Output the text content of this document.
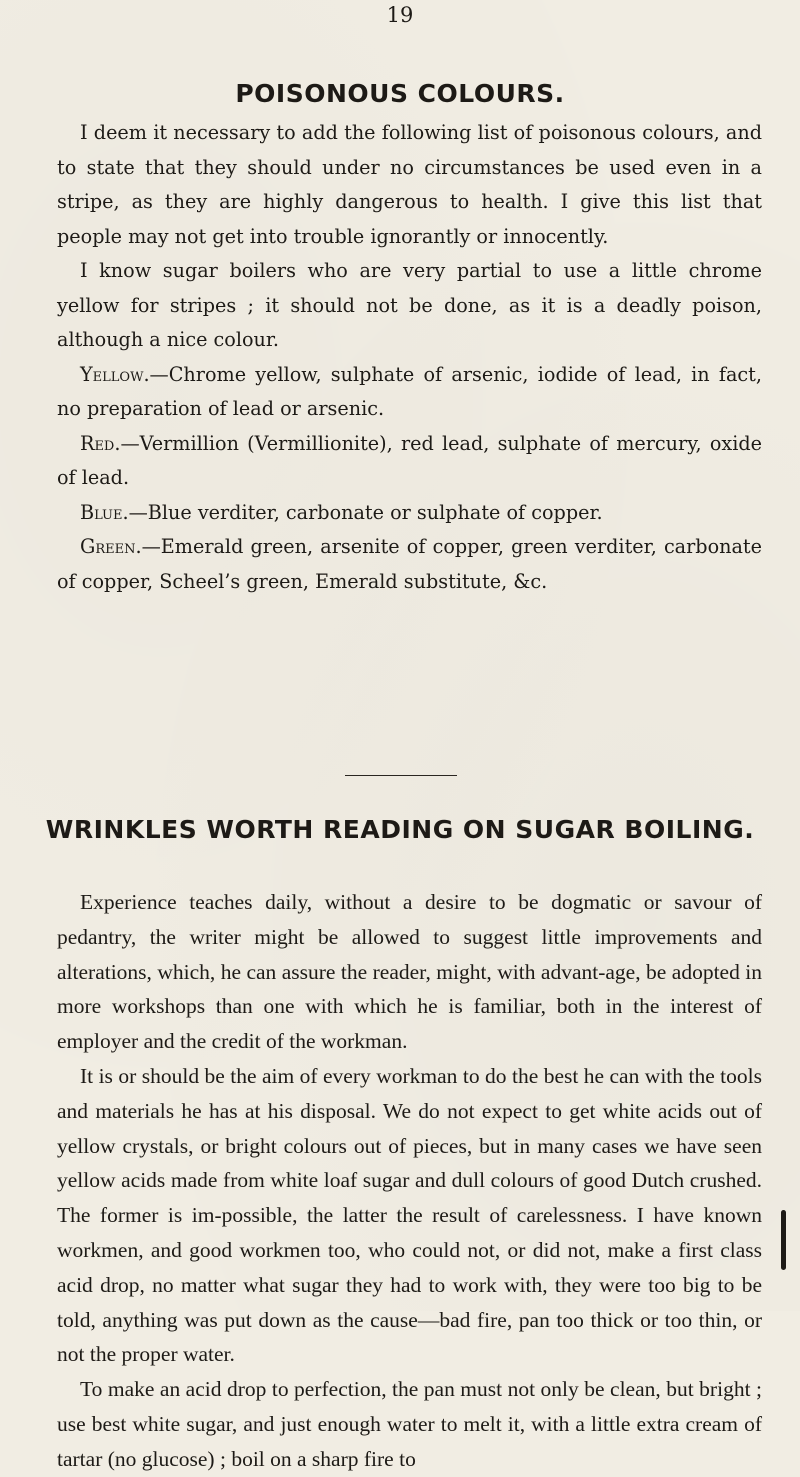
19
POISONOUS COLOURS.

I deem it necessary to add the following list of poisonous colours, and to state that they should under no circumstances be used even in a stripe, as they are highly dangerous to health. I give this list that people may not get into trouble ignorantly or innocently.

I know sugar boilers who are very partial to use a little chrome yellow for stripes ; it should not be done, as it is a deadly poison, although a nice colour.

Yellow.—Chrome yellow, sulphate of arsenic, iodide of lead, in fact, no preparation of lead or arsenic.

Red.—Vermillion (Vermillionite), red lead, sulphate of mercury, oxide of lead.

Blue.—Blue verditer, carbonate or sulphate of copper.

Green.—Emerald green, arsenite of copper, green verditer, carbonate of copper, Scheel’s green, Emerald substitute, &c.

WRINKLES WORTH READING ON SUGAR BOILING.

Experience teaches daily, without a desire to be dogmatic or savour of pedantry, the writer might be allowed to suggest little improvements and alterations, which, he can assure the reader, might, with advant-age, be adopted in more workshops than one with which he is familiar, both in the interest of employer and the credit of the workman.

It is or should be the aim of every workman to do the best he can with the tools and materials he has at his disposal. We do not expect to get white acids out of yellow crystals, or bright colours out of pieces, but in many cases we have seen yellow acids made from white loaf sugar and dull colours of good Dutch crushed. The former is im-possible, the latter the result of carelessness. I have known workmen, and good workmen too, who could not, or did not, make a first class acid drop, no matter what sugar they had to work with, they were too big to be told, anything was put down as the cause—bad fire, pan too thick or too thin, or not the proper water.

To make an acid drop to perfection, the pan must not only be clean, but bright ; use best white sugar, and just enough water to melt it, with a little extra cream of tartar (no glucose) ; boil on a sharp fire to
